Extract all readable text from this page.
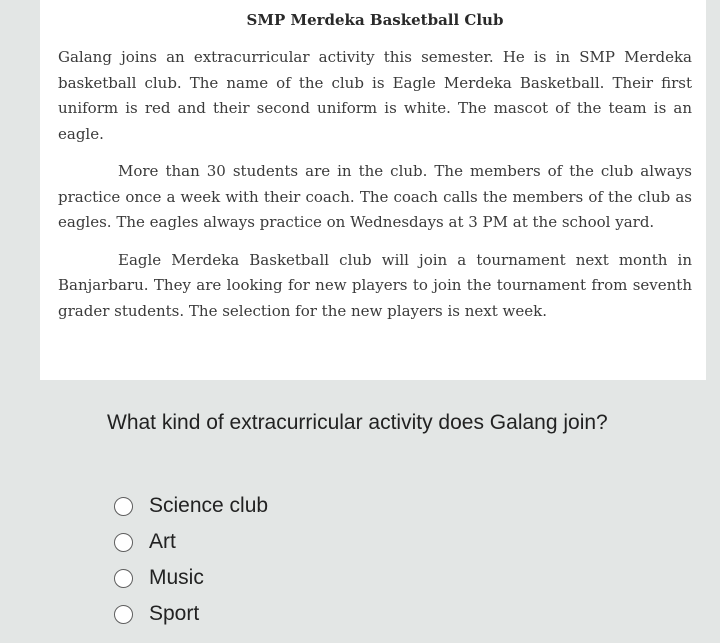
SMP Merdeka Basketball Club

Galang joins an extracurricular activity this semester. He is in SMP Merdeka basketball club. The name of the club is Eagle Merdeka Basketball. Their first uniform is red and their second uniform is white. The mascot of the team is an eagle.

More than 30 students are in the club. The members of the club always practice once a week with their coach. The coach calls the members of the club as eagles. The eagles always practice on Wednesdays at 3 PM at the school yard.

Eagle Merdeka Basketball club will join a tournament next month in Banjarbaru. They are looking for new players to join the tournament from seventh grader students. The selection for the new players is next week.

What kind of extracurricular activity does Galang join?

Science club
Art
Music
Sport
